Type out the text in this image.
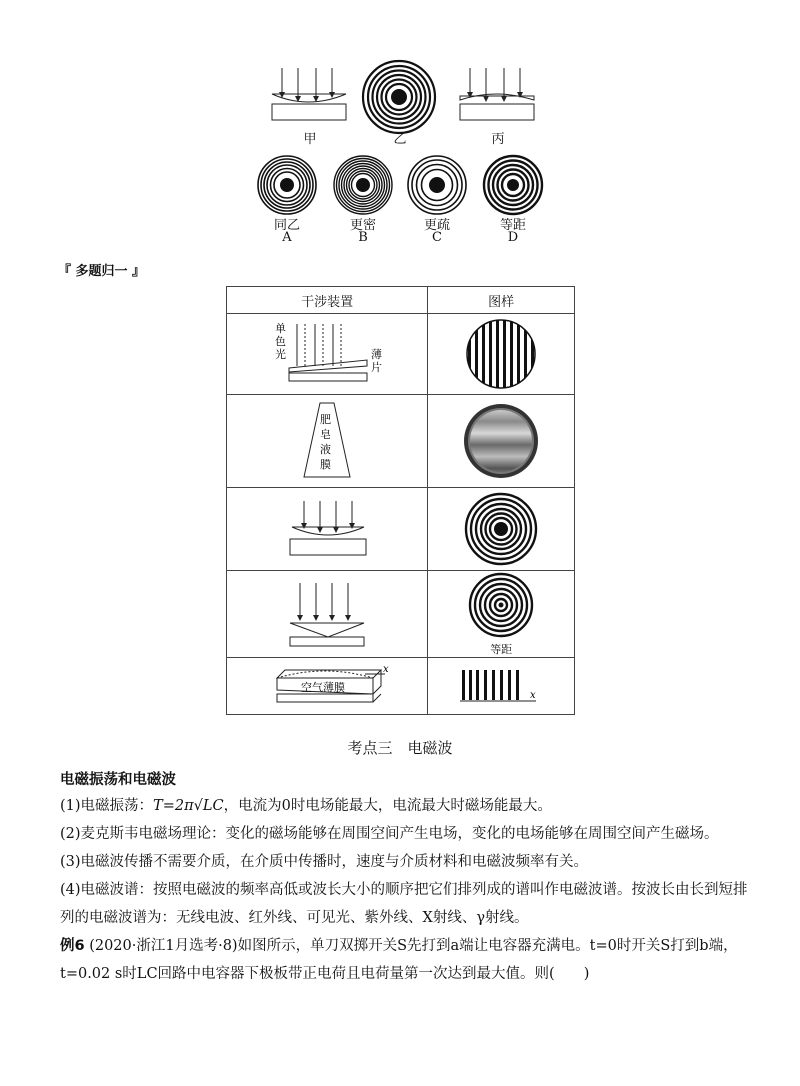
甲	乙	丙
同乙
A
更密
B
更疏
C
等距
D
『 多题归一 』
干涉装置	图样

单
色
光 薄
片

肥
皂
液
膜

等距

x
空气薄膜	x
考点三　电磁波
电磁振荡和电磁波
(1)电磁振荡：T=2π√LC，电流为0时电场能最大，电流最大时磁场能最大。
(2)麦克斯韦电磁场理论：变化的磁场能够在周围空间产生电场，变化的电场能够在周围空间产生磁场。
(3)电磁波传播不需要介质，在介质中传播时，速度与介质材料和电磁波频率有关。
(4)电磁波谱：按照电磁波的频率高低或波长大小的顺序把它们排列成的谱叫作电磁波谱。按波长由长到短排列的电磁波谱为：无线电波、红外线、可见光、紫外线、X射线、γ射线。
例6 (2020·浙江1月选考·8)如图所示，单刀双掷开关S先打到a端让电容器充满电。t=0时开关S打到b端，t=0.02 s时LC回路中电容器下极板带正电荷且电荷量第一次达到最大值。则(　　)
